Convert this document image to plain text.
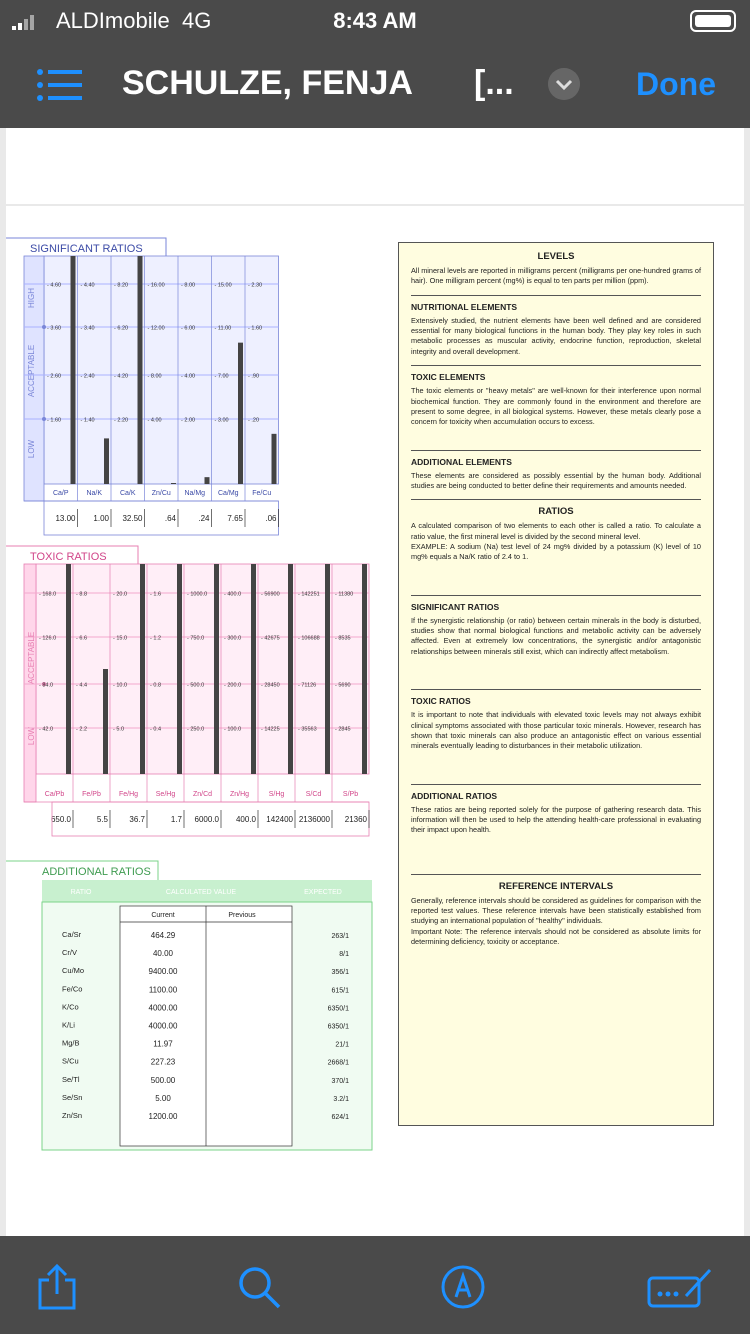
ALDImobile 4G	8:43 AM
SCHULZE, FENJA [...	Done
SIGNIFICANT RATIOS
HIGH
ACCEPTABLE
LOW
- 4.60
- 3.60
- 2.60
- 1.60
Ca/P
13.00
- 4.40
- 3.40
- 2.40
- 1.40
Na/K
1.00
- 8.20
- 6.20
- 4.20
- 2.20
Ca/K
32.50
- 16.00
- 12.00
- 8.00
- 4.00
Zn/Cu
.64
- 8.00
- 6.00
- 4.00
- 2.00
Na/Mg
.24
- 15.00
- 11.00
- 7.00
- 3.00
Ca/Mg
7.65
- 2.30
- 1.60
- .90
- .20
Fe/Cu
.06
TOXIC RATIOS
ACCEPTABLE
LOW
- 168.0
- 126.0
- 84.0
- 42.0
Ca/Pb
650.0
- 8.8
- 6.6
- 4.4
- 2.2
Fe/Pb
5.5
- 20.0
- 15.0
- 10.0
- 5.0
Fe/Hg
36.7
- 1.6
- 1.2
- 0.8
- 0.4
Se/Hg
1.7
- 1000.0
- 750.0
- 500.0
- 250.0
Zn/Cd
6000.0
- 400.0
- 300.0
- 200.0
- 100.0
Zn/Hg
400.0
- 56900
- 42675
- 28450
- 14225
S/Hg
142400
- 142251
- 106688
- 71126
- 35563
S/Cd
2136000
- 11380
- 8535
- 5690
- 2845
S/Pb
21360
ADDITIONAL RATIOS
RATIO	CALCULATED VALUE	EXPECTED
Current	Previous
Ca/Sr	464.29	263/1
Cr/V	40.00	8/1
Cu/Mo	9400.00	356/1
Fe/Co	1100.00	615/1
K/Co	4000.00	6350/1
K/Li	4000.00	6350/1
Mg/B	11.97	21/1
S/Cu	227.23	2668/1
Se/Tl	500.00	370/1
Se/Sn	5.00	3.2/1
Zn/Sn	1200.00	624/1
LEVELS
All mineral levels are reported in milligrams percent (milligrams per one-hundred grams of hair). One milligram percent (mg%) is equal to ten parts per million (ppm).
NUTRITIONAL ELEMENTS
Extensively studied, the nutrient elements have been well defined and are considered essential for many biological functions in the human body. They play key roles in such metabolic processes as muscular activity, endocrine function, reproduction, skeletal integrity and overall development.
TOXIC ELEMENTS
The toxic elements or "heavy metals" are well-known for their interference upon normal biochemical function. They are commonly found in the environment and therefore are present to some degree, in all biological systems. However, these metals clearly pose a concern for toxicity when accumulation occurs to excess.
ADDITIONAL ELEMENTS
These elements are considered as possibly essential by the human body. Additional studies are being conducted to better define their requirements and amounts needed.
RATIOS
A calculated comparison of two elements to each other is called a ratio. To calculate a ratio value, the first mineral level is divided by the second mineral level.
EXAMPLE: A sodium (Na) test level of 24 mg% divided by a potassium (K) level of 10 mg% equals a Na/K ratio of 2.4 to 1.
SIGNIFICANT RATIOS
If the synergistic relationship (or ratio) between certain minerals in the body is disturbed, studies show that normal biological functions and metabolic activity can be adversely affected. Even at extremely low concentrations, the synergistic and/or antagonistic relationships between minerals still exist, which can indirectly affect metabolism.
TOXIC RATIOS
It is important to note that individuals with elevated toxic levels may not always exhibit clinical symptoms associated with those particular toxic minerals. However, research has shown that toxic minerals can also produce an antagonistic effect on various essential minerals eventually leading to disturbances in their metabolic utilization.
ADDITIONAL RATIOS
These ratios are being reported solely for the purpose of gathering research data. This information will then be used to help the attending health-care professional in evaluating their impact upon health.
REFERENCE INTERVALS
Generally, reference intervals should be considered as guidelines for comparison with the reported test values. These reference intervals have been statistically established from studying an international population of "healthy" individuals.
Important Note: The reference intervals should not be considered as absolute limits for determining deficiency, toxicity or acceptance.
